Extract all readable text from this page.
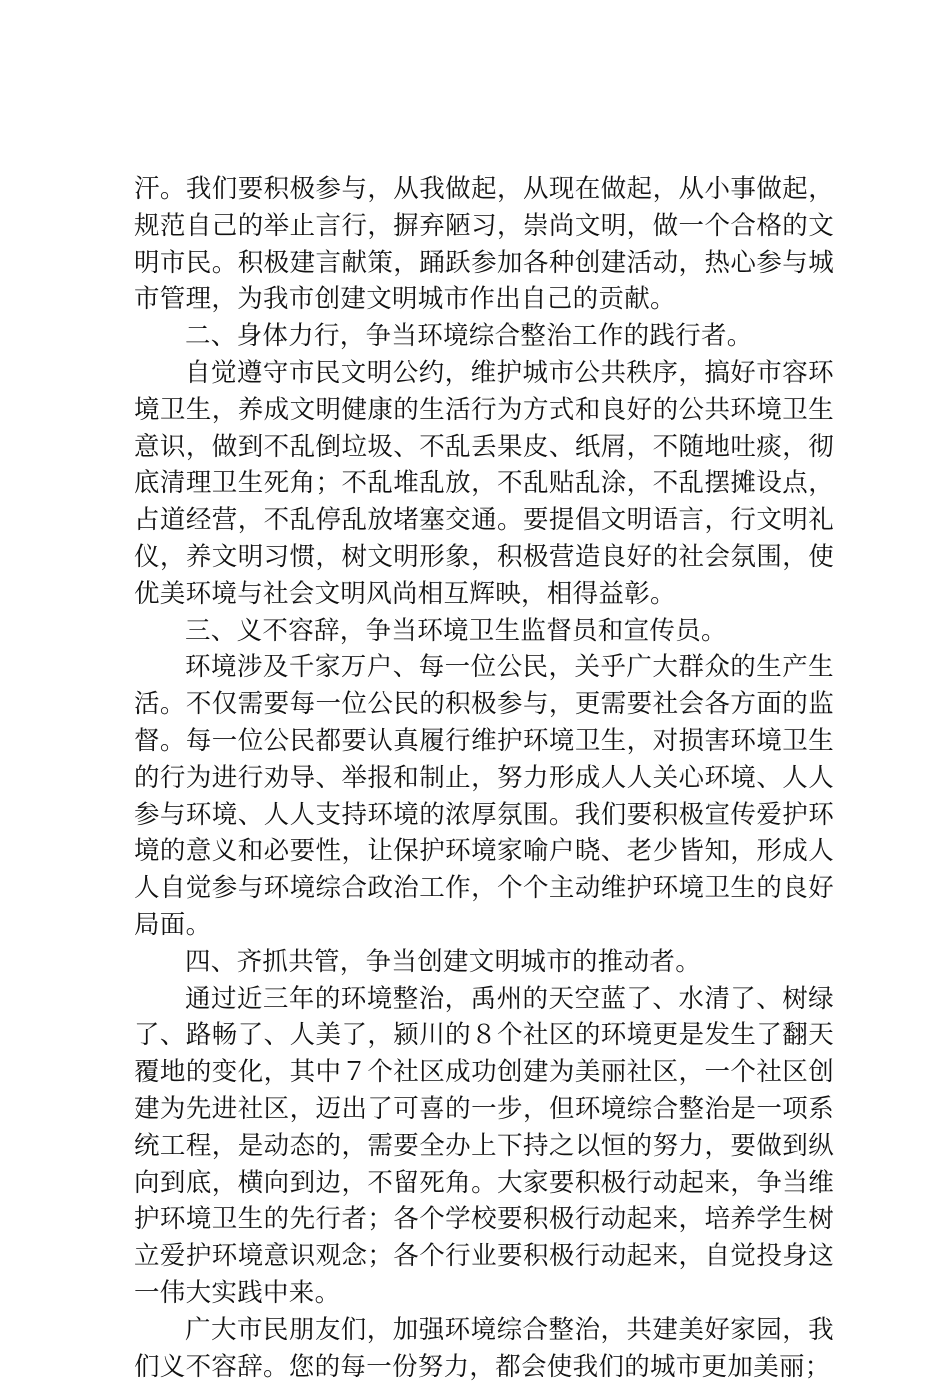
汗。我们要积极参与，从我做起，从现在做起，从小事做起，规范自己的举止言行，摒弃陋习，崇尚文明，做一个合格的文明市民。积极建言献策，踊跃参加各种创建活动，热心参与城市管理，为我市创建文明城市作出自己的贡献。

二、身体力行，争当环境综合整治工作的践行者。

自觉遵守市民文明公约，维护城市公共秩序，搞好市容环境卫生，养成文明健康的生活行为方式和良好的公共环境卫生意识，做到不乱倒垃圾、不乱丢果皮、纸屑，不随地吐痰，彻底清理卫生死角；不乱堆乱放，不乱贴乱涂，不乱摆摊设点，占道经营，不乱停乱放堵塞交通。要提倡文明语言，行文明礼仪，养文明习惯，树文明形象，积极营造良好的社会氛围，使优美环境与社会文明风尚相互辉映，相得益彰。

三、义不容辞，争当环境卫生监督员和宣传员。

环境涉及千家万户、每一位公民，关乎广大群众的生产生活。不仅需要每一位公民的积极参与，更需要社会各方面的监督。每一位公民都要认真履行维护环境卫生，对损害环境卫生的行为进行劝导、举报和制止，努力形成人人关心环境、人人参与环境、人人支持环境的浓厚氛围。我们要积极宣传爱护环境的意义和必要性，让保护环境家喻户晓、老少皆知，形成人人自觉参与环境综合政治工作，个个主动维护环境卫生的良好局面。

四、齐抓共管，争当创建文明城市的推动者。

通过近三年的环境整治，禹州的天空蓝了、水清了、树绿了、路畅了、人美了，颍川的８个社区的环境更是发生了翻天覆地的变化，其中７个社区成功创建为美丽社区，一个社区创建为先进社区，迈出了可喜的一步，但环境综合整治是一项系统工程，是动态的，需要全办上下持之以恒的努力，要做到纵向到底，横向到边，不留死角。大家要积极行动起来，争当维护环境卫生的先行者；各个学校要积极行动起来，培养学生树立爱护环境意识观念；各个行业要积极行动起来，自觉投身这一伟大实践中来。

广大市民朋友们，加强环境综合整治，共建美好家园，我们义不容辞。您的每一份努力，都会使我们的城市更加美丽；
